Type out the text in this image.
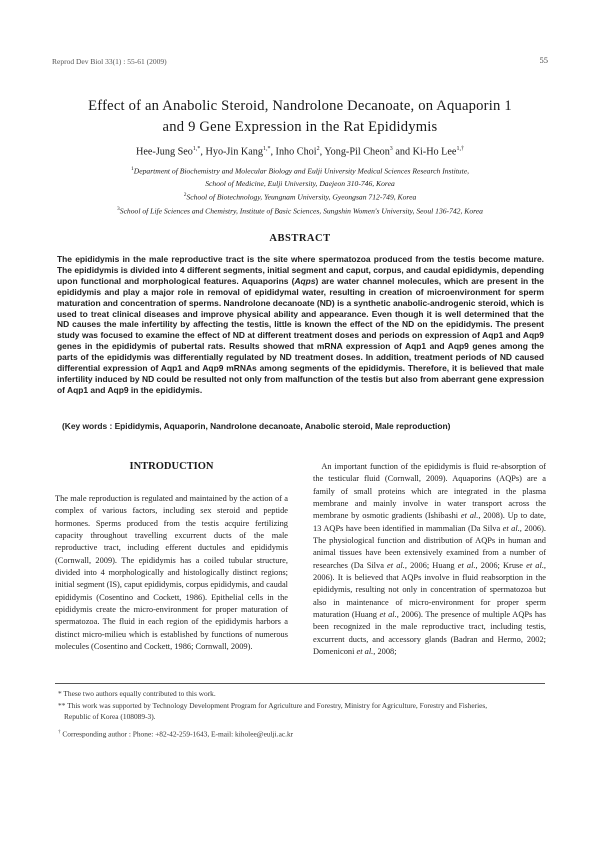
Reprod Dev Biol 33(1) : 55-61 (2009)	55
Effect of an Anabolic Steroid, Nandrolone Decanoate, on Aquaporin 1
and 9 Gene Expression in the Rat Epididymis
Hee-Jung Seo$^{1,*}$, Hyo-Jin Kang$^{1,*}$, Inho Choi$^2$, Yong-Pil Cheon$^3$ and Ki-Ho Lee$^{1,\dagger}$
$^1$Department of Biochemistry and Molecular Biology and Eulji University Medical Sciences Research Institute,
School of Medicine, Eulji University, Daejeon 310-746, Korea
$^2$School of Biotechnology, Yeungnam University, Gyeongsan 712-749, Korea
$^3$School of Life Sciences and Chemistry, Institute of Basic Sciences, Sungshin Women's University, Seoul 136-742, Korea
ABSTRACT
The epididymis in the male reproductive tract is the site where spermatozoa produced from the testis become mature. The epididymis is divided into 4 different segments, initial segment and caput, corpus, and caudal epididymis, depending upon functional and morphological features. Aquaporins (Aqps) are water channel molecules, which are present in the epididymis and play a major role in removal of epididymal water, resulting in creation of microenvironment for sperm maturation and concentration of sperms. Nandrolone decanoate (ND) is a synthetic anabolic-androgenic steroid, which is used to treat clinical diseases and improve physical ability and appearance. Even though it is well determined that the ND causes the male infertility by affecting the testis, little is known the effect of the ND on the epididymis. The present study was focused to examine the effect of ND at different treatment doses and periods on expression of Aqp1 and Aqp9 genes in the epididymis of pubertal rats. Results showed that mRNA expression of Aqp1 and Aqp9 genes among the parts of the epididymis was differentially regulated by ND treatment doses. In addition, treatment periods of ND caused differential expression of Aqp1 and Aqp9 mRNAs among segments of the epididymis. Therefore, it is believed that male infertility induced by ND could be resulted not only from malfunction of the testis but also from aberrant gene expression of Aqp1 and Aqp9 in the epididymis.
(Key words : Epididymis, Aquaporin, Nandrolone decanoate, Anabolic steroid, Male reproduction)
INTRODUCTION
The male reproduction is regulated and maintained by the action of a complex of various factors, including sex steroid and peptide hormones. Sperms produced from the testis acquire fertilizing capacity throughout travelling excurrent ducts of the male reproductive tract, including efferent ductules and epididymis (Cornwall, 2009). The epididymis has a coiled tubular structure, divided into 4 morphologically and histologically distinct regions; initial segment (IS), caput epididymis, corpus epididymis, and caudal epididymis (Cosentino and Cockett, 1986). Epithelial cells in the epididymis create the micro-environment for proper maturation of spermatozoa. The fluid in each region of the epididymis harbors a distinct micro-milieu which is established by functions of numerous molecules (Cosentino and Cockett, 1986; Cornwall, 2009).
 An important function of the epididymis is fluid re-absorption of the testicular fluid (Cornwall, 2009). Aquaporins (AQPs) are a family of small proteins which are integrated in the plasma membrane and mainly involve in water transport across the membrane by osmotic gradients (Ishibashi et al., 2008). Up to date, 13 AQPs have been identified in mammalian (Da Silva et al., 2006). The physiological function and distribution of AQPs in human and animal tissues have been extensively examined from a number of researches (Da Silva et al., 2006; Huang et al., 2006; Kruse et al., 2006). It is believed that AQPs involve in fluid reabsorption in the epididymis, resulting not only in concentration of spermatozoa but also in maintenance of micro-environment for proper sperm maturation (Huang et al., 2006). The presence of multiple AQPs has been recognized in the male reproductive tract, including testis, excurrent ducts, and accessory glands (Badran and Hermo, 2002; Domeniconi et al., 2008;
* These two authors equally contributed to this work.
** This work was supported by Technology Development Program for Agriculture and Forestry, Ministry for Agriculture, Forestry and Fisheries,
Republic of Korea (108089-3).
† Corresponding author : Phone: +82-42-259-1643, E-mail: kiholee@eulji.ac.kr
